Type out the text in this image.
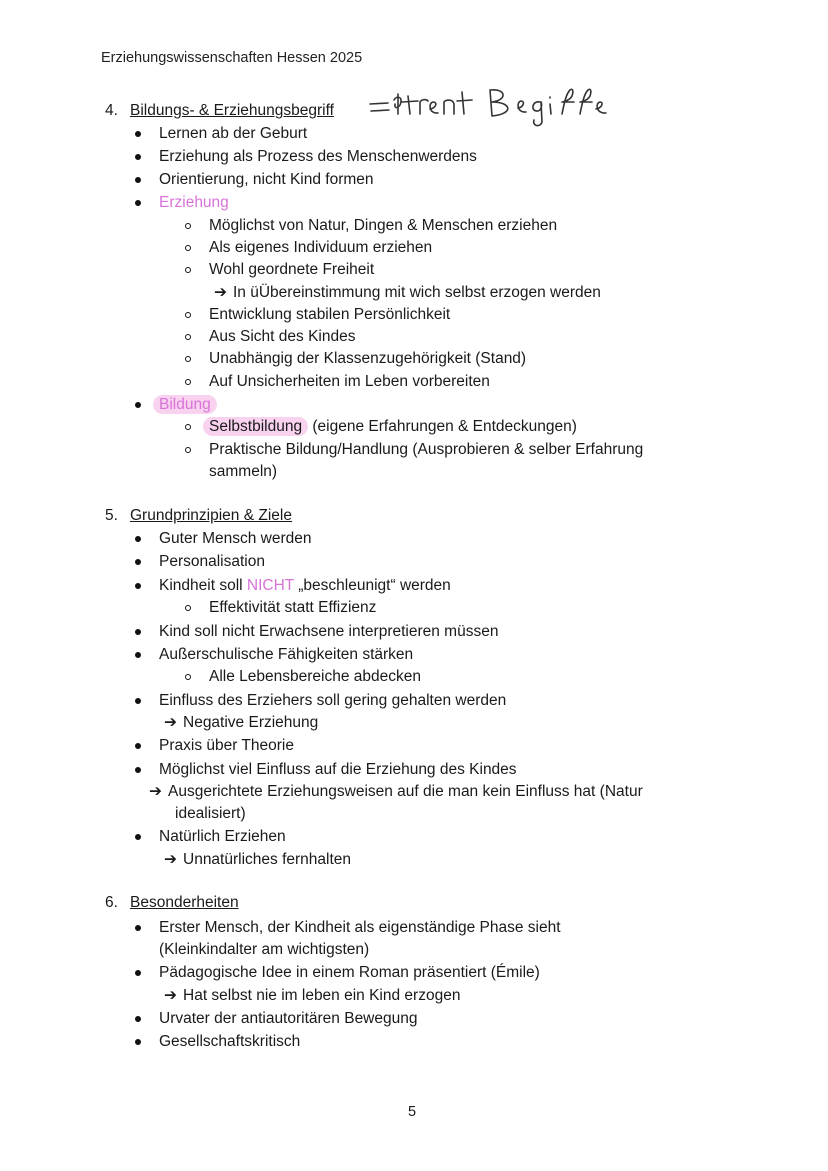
Erziehungswissenschaften Hessen 2025
4. Bildungs- & Erziehungsbegriff
Lernen ab der Geburt
Erziehung als Prozess des Menschenwerdens
Orientierung, nicht Kind formen
Erziehung
Möglichst von Natur, Dingen & Menschen erziehen
Als eigenes Individuum erziehen
Wohl geordnete Freiheit
➔ In üÜbereinstimmung mit wich selbst erzogen werden
Entwicklung stabilen Persönlichkeit
Aus Sicht des Kindes
Unabhängig der Klassenzugehörigkeit (Stand)
Auf Unsicherheiten im Leben vorbereiten
Bildung
Selbstbildung (eigene Erfahrungen & Entdeckungen)
Praktische Bildung/Handlung (Ausprobieren & selber Erfahrung
sammeln)
5. Grundprinzipien & Ziele
Guter Mensch werden
Personalisation
Kindheit soll NICHT „beschleunigt“ werden
Effektivität statt Effizienz
Kind soll nicht Erwachsene interpretieren müssen
Außerschulische Fähigkeiten stärken
Alle Lebensbereiche abdecken
Einfluss des Erziehers soll gering gehalten werden
➔ Negative Erziehung
Praxis über Theorie
Möglichst viel Einfluss auf die Erziehung des Kindes
➔ Ausgerichtete Erziehungsweisen auf die man kein Einfluss hat (Natur
idealisiert)
Natürlich Erziehen
➔ Unnatürliches fernhalten
6. Besonderheiten
Erster Mensch, der Kindheit als eigenständige Phase sieht
(Kleinkindalter am wichtigsten)
Pädagogische Idee in einem Roman präsentiert (Émile)
➔ Hat selbst nie im leben ein Kind erzogen
Urvater der antiautoritären Bewegung
Gesellschaftskritisch
5
